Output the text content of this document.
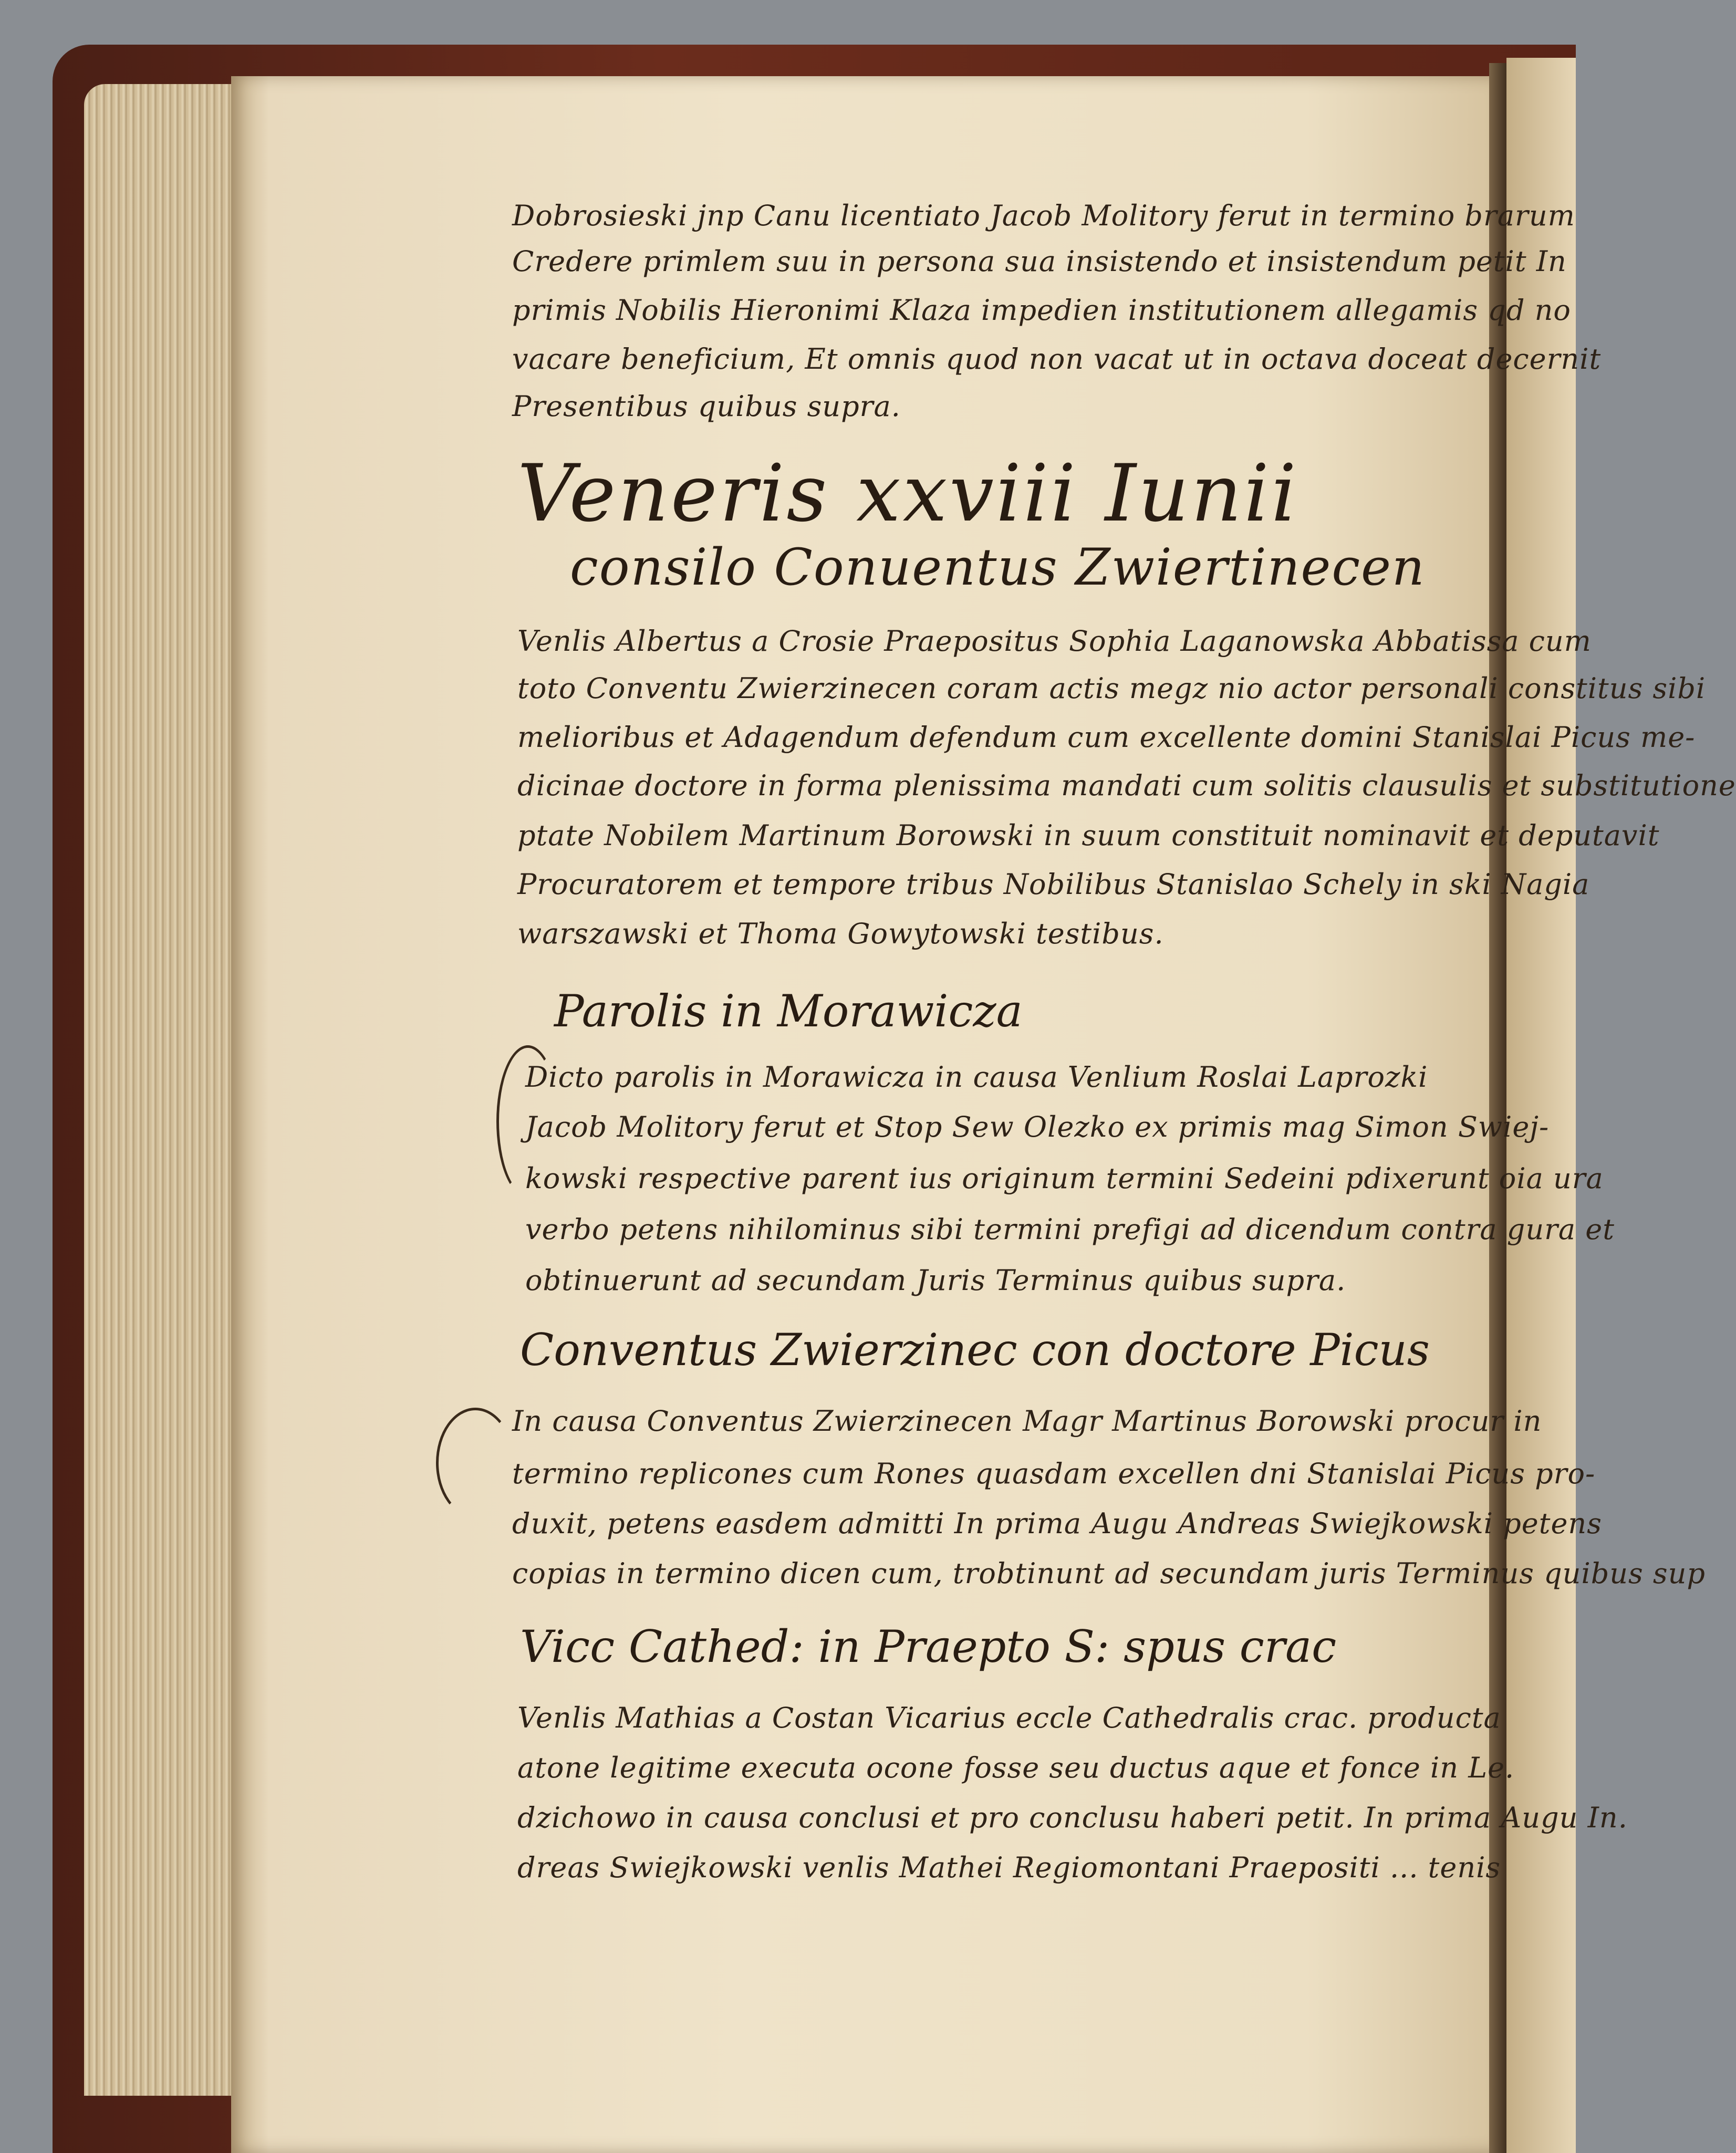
Dobrosieski jnp Canu licentiato Jacob Molitory ferut in termino brarum
Credere primlem suu in persona sua insistendo et insistendum petit In
primis Nobilis Hieronimi Klaza impedien institutionem allegamis qd no
vacare beneficium, Et omnis quod non vacat ut in octava doceat decernit
Presentibus quibus supra.
Veneris xxviii Iunii
consilo Conuentus Zwiertinecen
Venlis Albertus a Crosie Praepositus Sophia Laganowska Abbatissa cum
toto Conventu Zwierzinecen coram actis megz nio actor personali constitus sibi
melioribus et Adagendum defendum cum excellente domini Stanislai Picus me-
dicinae doctore in forma plenissima mandati cum solitis clausulis et substitutione
ptate Nobilem Martinum Borowski in suum constituit nominavit et deputavit
Procuratorem et tempore tribus Nobilibus Stanislao Schely in ski Nagia
warszawski et Thoma Gowytowski testibus.
Parolis in Morawicza
Dicto parolis in Morawicza in causa Venlium Roslai Laprozki
Jacob Molitory ferut et Stop Sew Olezko ex primis mag Simon Swiej-
kowski respective parent ius originum termini Sedeini pdixerunt oia ura
verbo petens nihilominus sibi termini prefigi ad dicendum contra gura et
obtinuerunt ad secundam Juris Terminus quibus supra.
Conventus Zwierzinec con doctore Picus
In causa Conventus Zwierzinecen Magr Martinus Borowski procur in
termino replicones cum Rones quasdam excellen dni Stanislai Picus pro-
duxit, petens easdem admitti In prima Augu Andreas Swiejkowski petens
copias in termino dicen cum, trobtinunt ad secundam juris Terminus quibus sup
Vicc Cathed: in Praepto S: spus crac
Venlis Mathias a Costan Vicarius eccle Cathedralis crac. producta
atone legitime executa ocone fosse seu ductus aque et fonce in Le.
dzichowo in causa conclusi et pro conclusu haberi petit. In prima Augu In.
dreas Swiejkowski venlis Mathei Regiomontani Praepositi ... tenis
